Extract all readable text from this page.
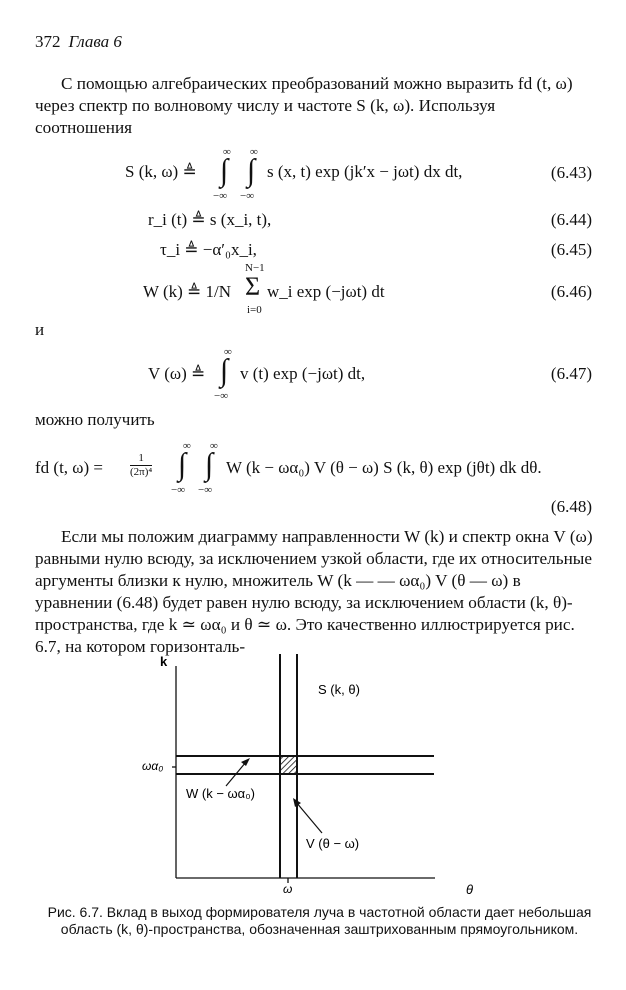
372 Глава 6

С помощью алгебраических преобразований можно выразить fd (t, ω) через спектр по волновому числу и частоте S (k, ω). Используя соотношения

S (k, ω) ≜ ∫
∞
−∞
∫
∞
−∞
s (x, t) exp (jk′x − jωt) dx dt,	(6.43)
r_i (t) ≜ s (x_i, t),	(6.44)
τ_i ≜ −α′₀x_i,	(6.45)
W (k) ≜ 1/N
N−1
Σ
i=0
w_i exp (−jωt) dt	(6.46)
и
V (ω) ≜ ∫
∞
−∞
v (t) exp (−jωt) dt,	(6.47)
можно получить
fd (t, $\omega) = \frac{1}{\text{(2π)⁴}}$ ∫
∞
−∞
∫
∞
−∞
W (k − ωα₀) V (θ − ω) S (k, θ) exp (jθt) dk dθ.
(6.48)

Если мы положим диаграмму направленности W (k) и спектр окна V (ω) равными нулю всюду, за исключением узкой области, где их относительные аргументы близки к нулю, множитель W (k — — ωα₀) V (θ — ω) в уравнении (6.48) будет равен нулю всюду, за исключением области (k, θ)-пространства, где k ≃ ωα₀ и θ ≃ ω. Это качественно иллюстрируется рис. 6.7, на котором горизонталь-

k
θ
ωα₀
ω
S (k, θ)
W (k − ωα₀)
V (θ − ω)
Рис. 6.7. Вклад в выход формирователя луча в частотной области дает небольшая область (k, θ)-пространства, обозначенная заштрихованным прямоугольником.
